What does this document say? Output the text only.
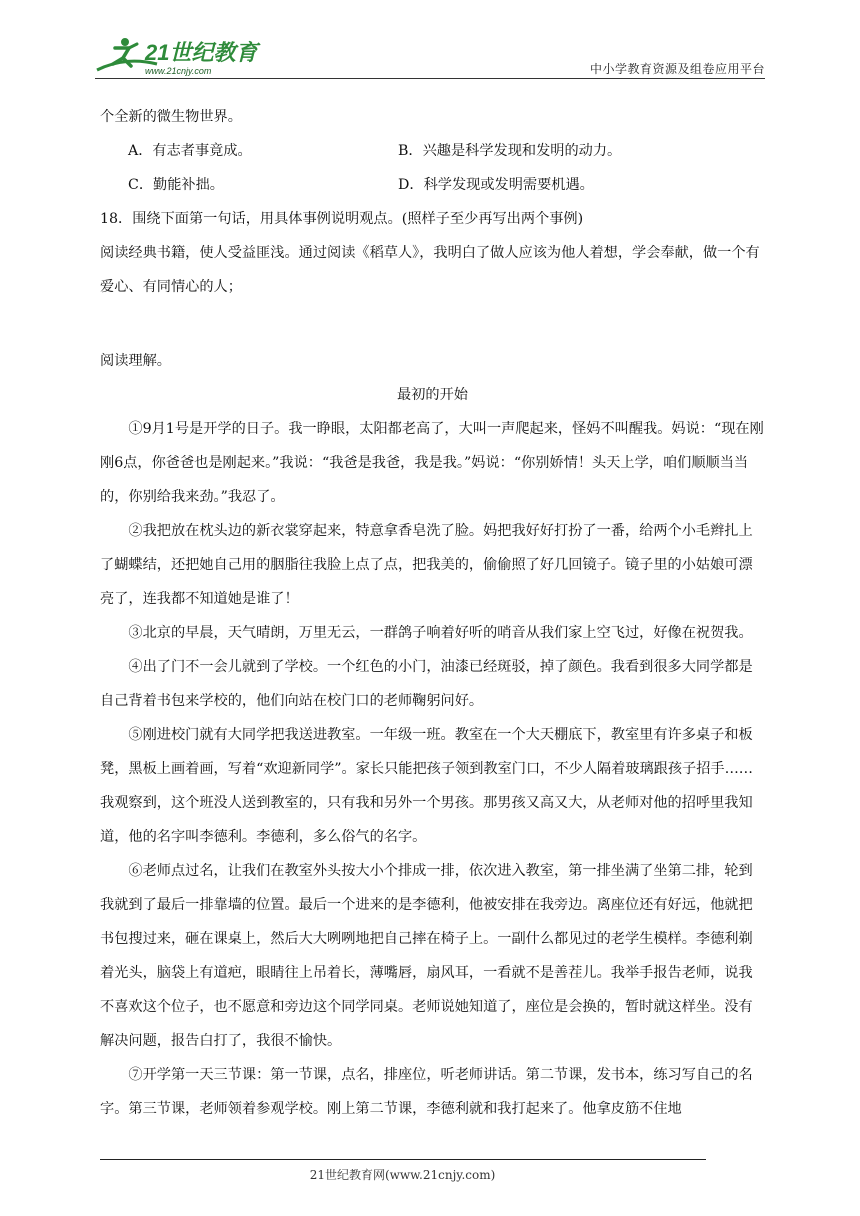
21世纪教育
www.21cnjy.com	中小学教育资源及组卷应用平台

个全新的微生物世界。

A．有志者事竟成。	B．兴趣是科学发现和发明的动力。
C．勤能补拙。	D．科学发现或发明需要机遇。

18．围绕下面第一句话，用具体事例说明观点。(照样子至少再写出两个事例)

阅读经典书籍，使人受益匪浅。通过阅读《稻草人》，我明白了做人应该为他人着想，学会奉献，做一个有爱心、有同情心的人；

阅读理解。

最初的开始

①9月1号是开学的日子。我一睁眼，太阳都老高了，大叫一声爬起来，怪妈不叫醒我。妈说：“现在刚刚6点，你爸爸也是刚起来。”我说：“我爸是我爸，我是我。”妈说：“你别娇情！头天上学，咱们顺顺当当的，你别给我来劲。”我忍了。

②我把放在枕头边的新衣裳穿起来，特意拿香皂洗了脸。妈把我好好打扮了一番，给两个小毛辫扎上了蝴蝶结，还把她自己用的胭脂往我脸上点了点，把我美的，偷偷照了好几回镜子。镜子里的小姑娘可漂亮了，连我都不知道她是谁了！

③北京的早晨，天气晴朗，万里无云，一群鸽子响着好听的哨音从我们家上空飞过，好像在祝贺我。

④出了门不一会儿就到了学校。一个红色的小门，油漆已经斑驳，掉了颜色。我看到很多大同学都是自己背着书包来学校的，他们向站在校门口的老师鞠躬问好。

⑤刚进校门就有大同学把我送进教室。一年级一班。教室在一个大天棚底下，教室里有许多桌子和板凳，黑板上画着画，写着“欢迎新同学”。家长只能把孩子领到教室门口，不少人隔着玻璃跟孩子招手……我观察到，这个班没人送到教室的，只有我和另外一个男孩。那男孩又高又大，从老师对他的招呼里我知道，他的名字叫李德利。李德利，多么俗气的名字。

⑥老师点过名，让我们在教室外头按大小个排成一排，依次进入教室，第一排坐满了坐第二排，轮到我就到了最后一排靠墙的位置。最后一个进来的是李德利，他被安排在我旁边。离座位还有好远，他就把书包搜过来，砸在课桌上，然后大大咧咧地把自己摔在椅子上。一副什么都见过的老学生模样。李德利剃着光头，脑袋上有道疤，眼睛往上吊着长，薄嘴唇，扇风耳，一看就不是善茬儿。我举手报告老师，说我不喜欢这个位子，也不愿意和旁边这个同学同桌。老师说她知道了，座位是会换的，暂时就这样坐。没有解决问题，报告白打了，我很不愉快。

⑦开学第一天三节课：第一节课，点名，排座位，听老师讲话。第二节课，发书本，练习写自己的名字。第三节课，老师领着参观学校。刚上第二节课，李德利就和我打起来了。他拿皮筋不住地

21世纪教育网(www.21cnjy.com)
